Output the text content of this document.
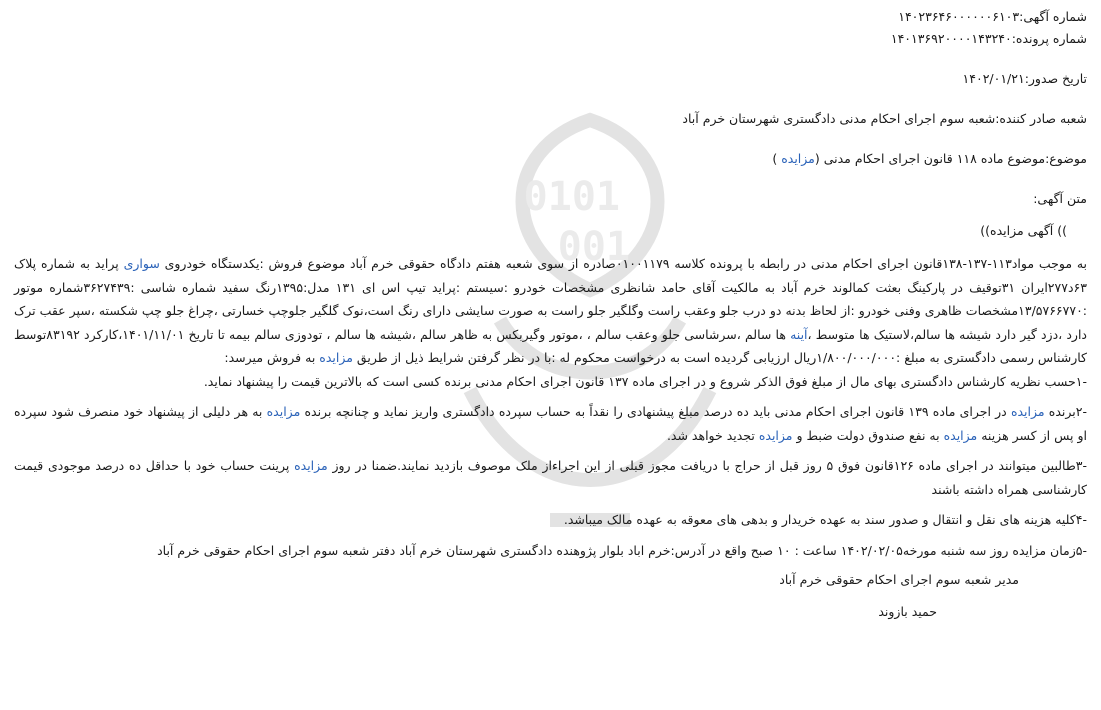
0101
001
شماره آگهی:۱۴۰۲۳۶۴۶۰۰۰۰۰۰۶۱۰۳
شماره پرونده:۱۴۰۱۳۶۹۲۰۰۰۰۱۴۳۲۴۰
تاریخ صدور:۱۴۰۲/۰۱/۲۱
شعبه صادر کننده:شعبه سوم اجرای احکام مدنی دادگستری شهرستان خرم آباد
موضوع:موضوع ماده ۱۱۸ قانون اجرای احکام مدنی (مزایده )
متن آگهی:
)) آگهی مزایده))

به موجب مواد۱۱۳-۱۳۷-۱۳۸قانون اجرای احکام مدنی در رابطه با پرونده کلاسه ۰۱۰۰۱۱۷۹صادره از سوی شعبه هفتم دادگاه حقوقی خرم آباد موضوع فروش :یکدستگاه خودروی سواری پراید به شماره پلاک ۶۳د۲۷۷ایران ۳۱توقیف در پارکینگ بعثت کمالوند خرم آباد به مالکیت آقای حامد شانظری مشخصات خودرو :سیستم :پراید تیپ اس ای ۱۳۱ مدل:۱۳۹۵رنگ سفید شماره شاسی :۳۶۲۷۴۳۹شماره موتور :۱۳/۵۷۶۶۷۷۰مشخصات ظاهری وفنی خودرو :از لحاظ بدنه دو درب جلو وعقب راست وگلگیر جلو راست به صورت سایشی دارای رنگ است،نوک گلگیر جلوچپ خسارتی ،چراغ جلو چپ شکسته ،سپر عقب ترک دارد ،دزد گیر دارد شیشه ها سالم،لاستیک ها متوسط ،آینه ها سالم ،سرشاسی جلو وعقب سالم ، ،موتور وگیربکس به ظاهر سالم ،شیشه ها سالم ، تودوزی سالم بیمه تا تاریخ ۱۴۰۱/۱۱/۰۱،کارکرد ۸۳۱۹۲توسط کارشناس رسمی دادگستری به مبلغ :۱/۸۰۰/۰۰۰/۰۰۰ریال ارزیابی گردیده است به درخواست محکوم له :با در نظر گرفتن شرایط ذیل از طریق مزایده به فروش میرسد:

-۱حسب نظریه کارشناس دادگستری بهای مال از مبلغ فوق الذکر شروع و در اجرای ماده ۱۳۷ قانون اجرای احکام مدنی برنده کسی است که بالاترین قیمت را پیشنهاد نماید.

-۲برنده مزایده در اجرای ماده ۱۳۹ قانون اجرای احکام مدنی باید ده درصد مبلغ پیشنهادی را نقداً به حساب سپرده دادگستری واریز نماید و چنانچه برنده مزایده به هر دلیلی از پیشنهاد خود منصرف شود سپرده او پس از کسر هزینه مزایده به نفع صندوق دولت ضبط و مزایده تجدید خواهد شد.

-۳طالبین میتوانند در اجرای ماده ۱۲۶قانون فوق ۵ روز قبل از حراج با دریافت مجوز قبلی از این اجراءاز ملک موصوف بازدید نمایند.ضمنا در روز مزایده پرینت حساب خود با حداقل ده درصد موجودی قیمت کارشناسی همراه داشته باشند

-۴کلیه هزینه های نقل و انتقال و صدور سند به عهده خریدار و بدهی های معوقه به عهده مالک میباشد.

-۵زمان مزایده روز سه شنبه مورخه۱۴۰۲/۰۲/۰۵ ساعت : ۱۰ صبح واقع در آدرس:خرم اباد بلوار پژوهنده دادگستری شهرستان خرم آباد دفتر شعبه سوم اجرای احکام حقوقی خرم آباد

مدیر شعبه سوم اجرای احکام حقوقی خرم آباد
حمید بازوند
